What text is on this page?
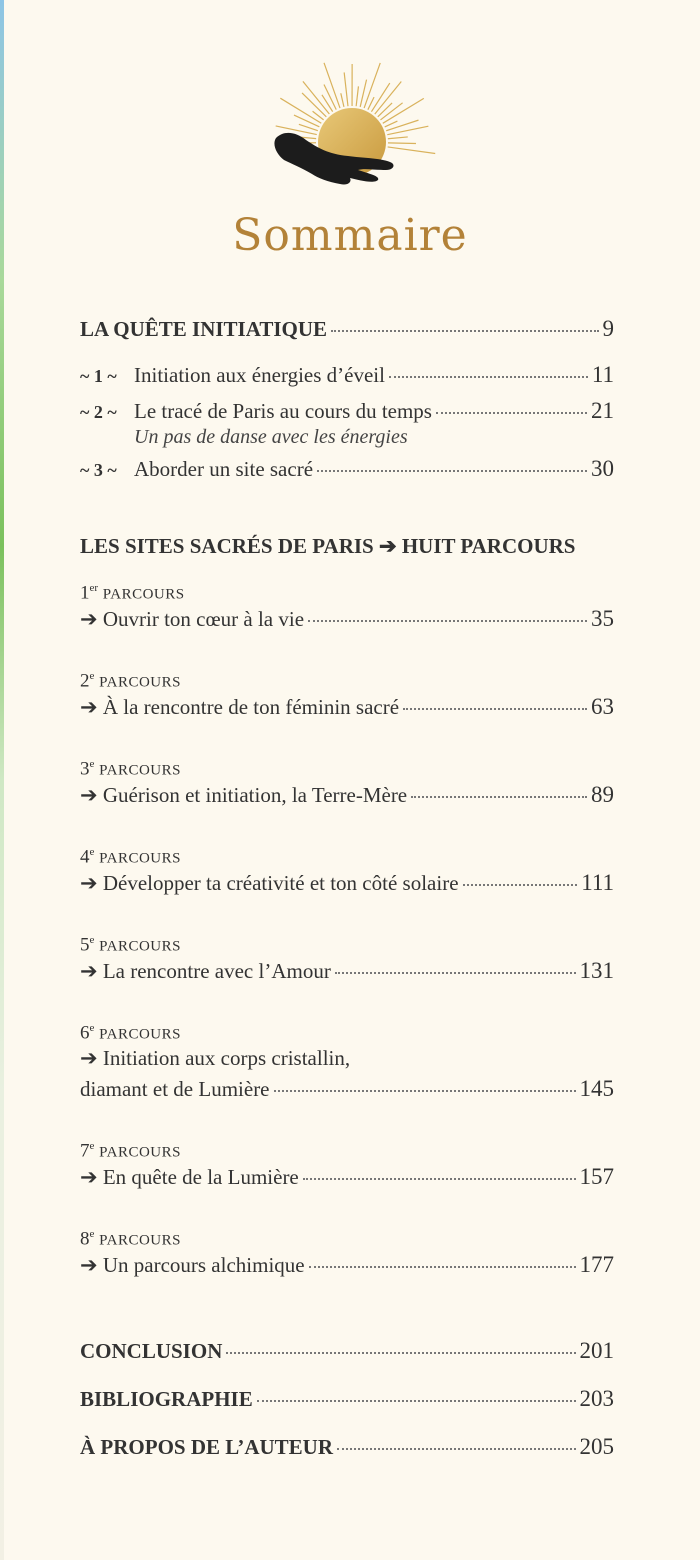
Sommaire
LA QUÊTE INITIATIQUE	9
~ 1 ~ Initiation aux énergies d’éveil	11
~ 2 ~ Le tracé de Paris au cours du temps	21
Un pas de danse avec les énergies
~ 3 ~ Aborder un site sacré	30
LES SITES SACRÉS DE PARIS ➔ HUIT PARCOURS
1er PARCOURS
➔ Ouvrir ton cœur à la vie	35
2e PARCOURS
➔ À la rencontre de ton féminin sacré	63
3e PARCOURS
➔ Guérison et initiation, la Terre-Mère	89
4e PARCOURS
➔ Développer ta créativité et ton côté solaire	111
5e PARCOURS
➔ La rencontre avec l’Amour	131
6e PARCOURS
➔ Initiation aux corps cristallin,
diamant et de Lumière	145
7e PARCOURS
➔ En quête de la Lumière	157
8e PARCOURS
➔ Un parcours alchimique	177
CONCLUSION	201
BIBLIOGRAPHIE	203
À PROPOS DE L’AUTEUR	205
